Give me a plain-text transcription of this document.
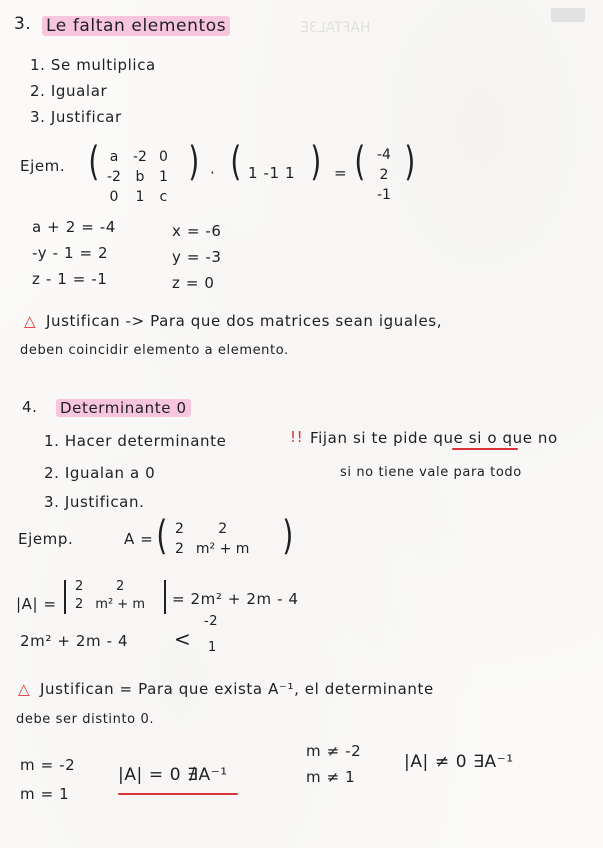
HAFTAL3E
3. Le faltan elementos
1. Se multiplica
2. Igualar
3. Justificar
Ejem. ( a	-2	0
-2	b	1
0	1	c
) · ( 1 -1 1 ) = ( -4
2
-1
)
a + 2 = -4
-y - 1 = 2
z - 1 = -1
x = -6
y = -3
z = 0
△ Justifican -> Para que dos matrices sean iguales,
deben coincidir elemento a elemento.
4. Determinante 0
1. Hacer determinante
2. Igualan a 0
3. Justifican.
!! Fijan si te pide que si o que no
si no tiene vale para todo
Ejemp.	A = ( 2	2
2	m² + m )
|A| =
2	2
2	m² + m = 2m² + 2m - 4
2m² + 2m - 4 <
-2
1
△ Justifican = Para que exista A⁻¹, el determinante
debe ser distinto 0.
m = -2
m = 1
|A| = 0 ∄A⁻¹
m ≠ -2
m ≠ 1
|A| ≠ 0 ∃A⁻¹
